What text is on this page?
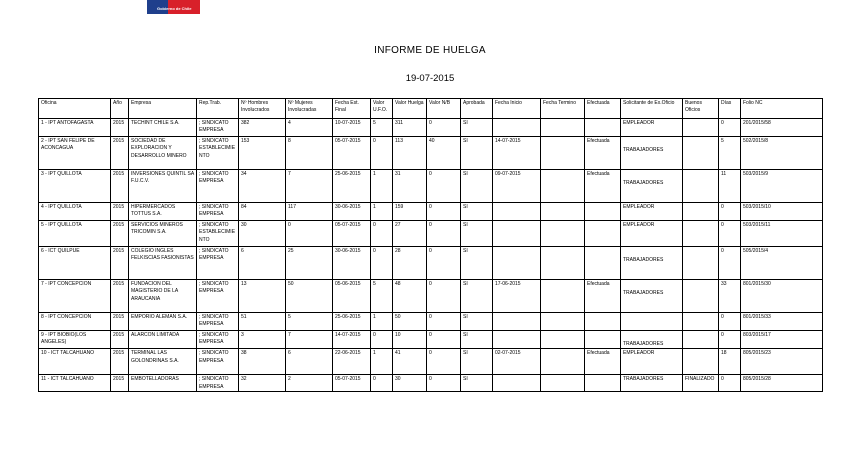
Gobierno de Chile
INFORME DE HUELGA
19-07-2015
Oficina	Año	Empresa	Rep.Trab.	Nº Hombres Involucrados	Nº Mujeres Involucradas	Fecha Est. Final	Valor U.F.O.	Valor Huelga	Valor N/B	Aprobada	Fecha Inicio	Fecha Termino	Efectuada	Solicitante de Ex.Oficio	Buenos Oficios	Días	Folio NC
1 - IPT ANTOFAGASTA	2015	TECHINT CHILE S.A.	; SINDICATO EMPRESA	382	4	10-07-2015	5	311	0	SI				EMPLEADOR		0	201/2015/58
2 - IPT SAN FELIPE DE ACONCAGUA	2015	SOCIEDAD DE EXPLORACION Y DESARROLLO MINERO	; SINDICATO ESTABLECIMIENTO	153	8	05-07-2015	0	113	40	SI	14-07-2015		Efectuada	TRABAJADORES		5	502/2015/8
3 - IPT QUILLOTA	2015	INVERSIONES QUINTIL SA F.U.C.V.	; SINDICATO EMPRESA	34	7	25-06-2015	1	31	0	SI	09-07-2015		Efectuada	TRABAJADORES		11	503/2015/9
4 - IPT QUILLOTA	2015	HIPERMERCADOS TOTTUS S.A.	; SINDICATO EMPRESA	84	117	30-06-2015	1	159	0	SI				EMPLEADOR		0	503/2015/10
5 - IPT QUILLOTA	2015	SERVICIOS MINEROS TRICOMIN S.A.	; SINDICATO ESTABLECIMIENTO	30	0	05-07-2015	0	27	0	SI				EMPLEADOR		0	503/2015/11
6 - ICT QUILPUE	2015	COLEGIO INGLES FELKISCIAS FASIONISTAS	; SINDICATO EMPRESA	6	25	30-06-2015	0	28	0	SI				TRABAJADORES		0	505/2015/4
7 - IPT CONCEPCION	2015	FUNDACION DEL MAGISTERIO DE LA ARAUCANIA	; SINDICATO EMPRESA	13	50	05-06-2015	5	48	0	SI	17-06-2015		Efectuada	TRABAJADORES		33	801/2015/30
8 - IPT CONCEPCION	2015	EMPORIO ALEMAN S.A.	; SINDICATO EMPRESA	51	5	25-06-2015	1	50	0	SI						0	801/2015/33
9 - IPT BIOBIO(LOS ANGELES)	2015	ALARCON LIMITADA	; SINDICATO EMPRESA	3	7	14-07-2015	0	10	0	SI				TRABAJADORES		0	803/2015/17
10 - ICT TALCAHUANO	2015	TERMINAL LAS GOLONDRINAS S.A.	; SINDICATO EMPRESA	38	6	22-06-2015	1	41	0	SI	02-07-2015		Efectuada	EMPLEADOR		18	805/2015/23
11 - ICT TALCAHUANO	2015	EMBOTELLADORAS	; SINDICATO EMPRESA	32	2	05-07-2015	0	30	0	SI				TRABAJADORES	FINALIZADO	0	805/2015/28
